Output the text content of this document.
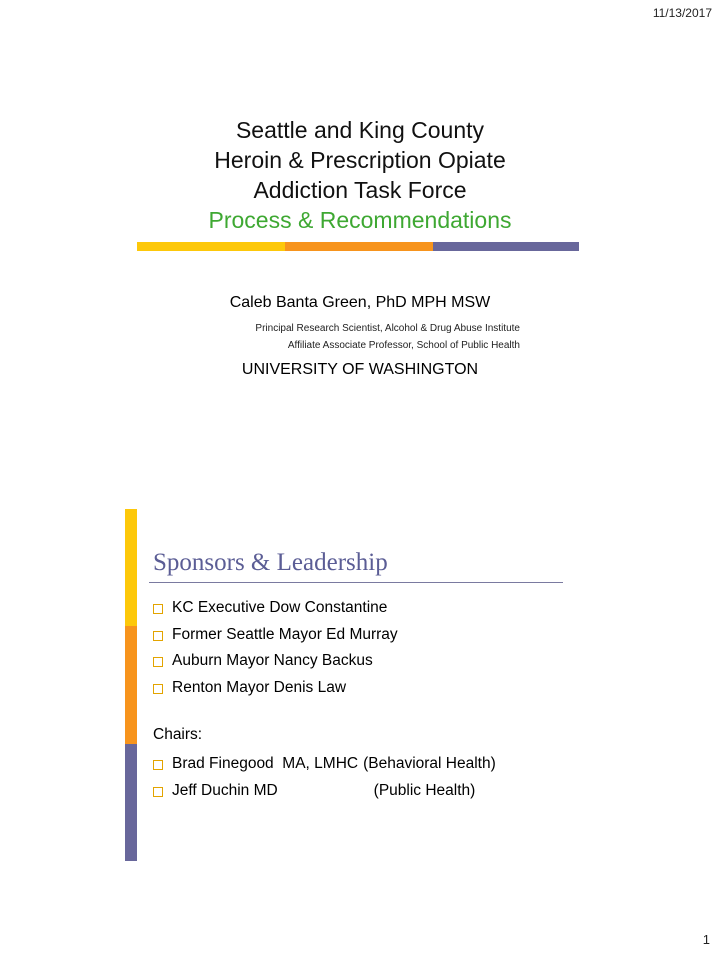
11/13/2017
Seattle and King County
Heroin & Prescription Opiate
Addiction Task Force
Process & Recommendations
Caleb Banta Green, PhD MPH MSW
Principal Research Scientist, Alcohol & Drug Abuse Institute
Affiliate Associate Professor, School of Public Health
UNIVERSITY OF WASHINGTON
Sponsors & Leadership
KC Executive Dow Constantine
Former Seattle Mayor Ed Murray
Auburn Mayor Nancy Backus
Renton Mayor Denis Law
Chairs:
Brad Finegood  MA, LMHC (Behavioral Health)
Jeff Duchin MD	(Public Health)
1
